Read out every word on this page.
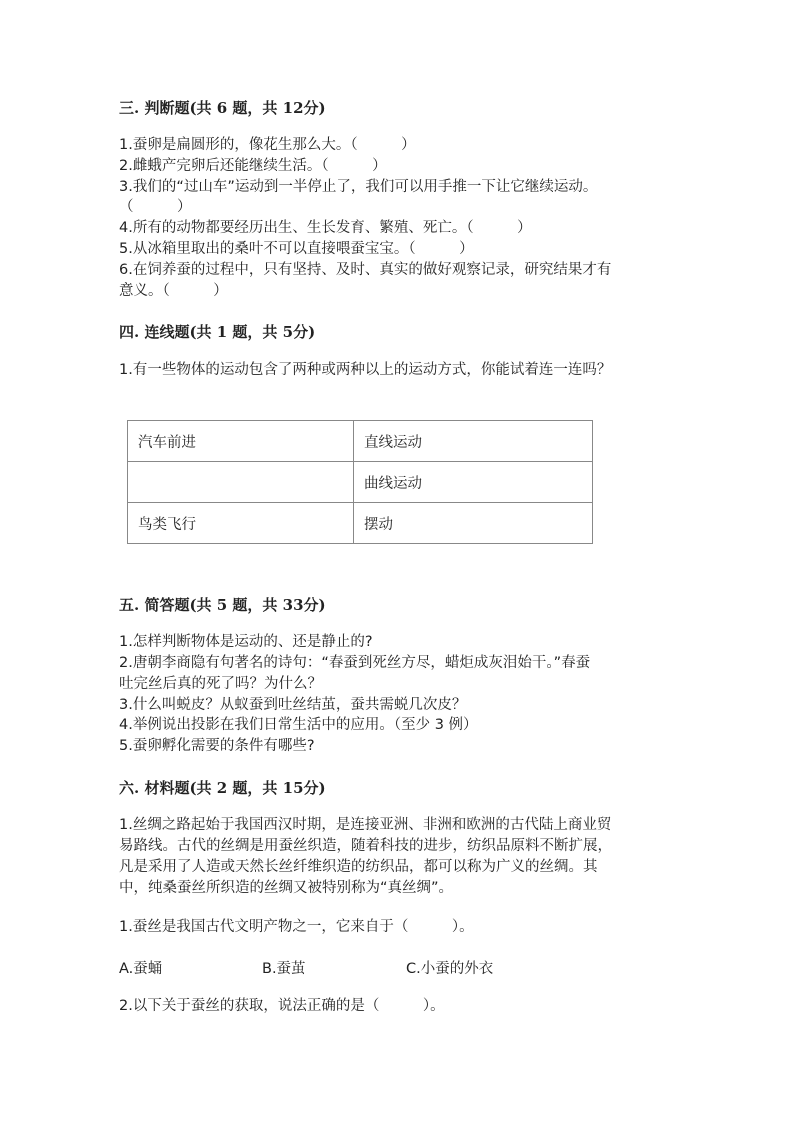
三. 判断题(共 6 题，共 12分)
1.蚕卵是扁圆形的，像花生那么大。（　　　）
2.雌蛾产完卵后还能继续生活。（　　　）
3.我们的“过山车”运动到一半停止了，我们可以用手推一下让它继续运动。
（　　　）
4.所有的动物都要经历出生、生长发育、繁殖、死亡。（　　　）
5.从冰箱里取出的桑叶不可以直接喂蚕宝宝。（　　　）
6.在饲养蚕的过程中，只有坚持、及时、真实的做好观察记录，研究结果才有
意义。（　　　）
四. 连线题(共 1 题，共 5分)
1.有一些物体的运动包含了两种或两种以上的运动方式，你能试着连一连吗？
汽车前进	直线运动
	曲线运动
鸟类飞行	摆动
五. 简答题(共 5 题，共 33分)
1.怎样判断物体是运动的、还是静止的?
2.唐朝李商隐有句著名的诗句：“春蚕到死丝方尽，蜡炬成灰泪始干。”春蚕
吐完丝后真的死了吗？为什么？
3.什么叫蜕皮？从蚁蚕到吐丝结茧，蚕共需蜕几次皮？
4.举例说出投影在我们日常生活中的应用。（至少 3 例）
5.蚕卵孵化需要的条件有哪些?
六. 材料题(共 2 题，共 15分)
1.丝绸之路起始于我国西汉时期，是连接亚洲、非洲和欧洲的古代陆上商业贸
易路线。古代的丝绸是用蚕丝织造，随着科技的进步，纺织品原料不断扩展，
凡是采用了人造或天然长丝纤维织造的纺织品，都可以称为广义的丝绸。其
中，纯桑蚕丝所织造的丝绸又被特别称为“真丝绸”。
1.蚕丝是我国古代文明产物之一，它来自于（　　　）。
A.蚕蛹	B.蚕茧	C.小蚕的外衣
2.以下关于蚕丝的获取，说法正确的是（　　　）。
